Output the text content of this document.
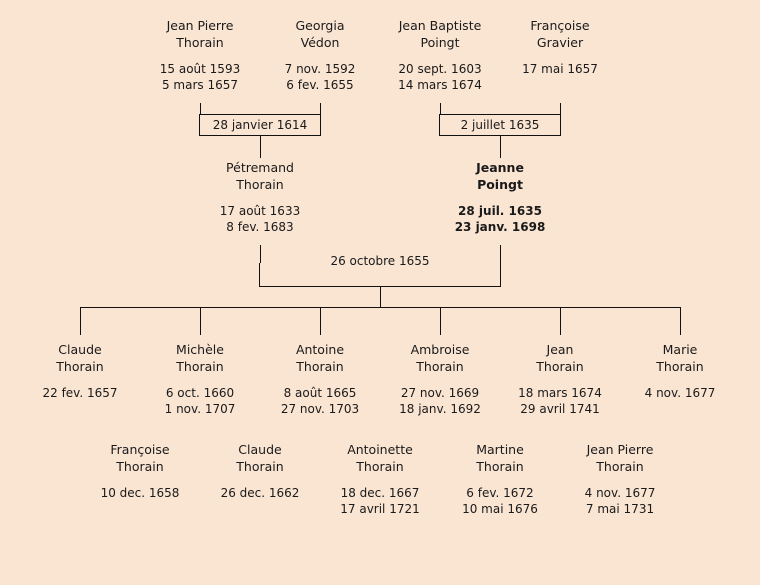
Jean Pierre
Thorain
15 août 1593
5 mars 1657
Georgia
Védon
7 nov. 1592
6 fev. 1655
Jean Baptiste
Poingt
20 sept. 1603
14 mars 1674
Françoise
Gravier
17 mai 1657
28 janvier 1614	2 juillet 1635
Pétremand
Thorain
17 août 1633
8 fev. 1683
Jeanne
Poingt
28 juil. 1635
23 janv. 1698
26 octobre 1655
Claude
Thorain
22 fev. 1657
Michèle
Thorain
6 oct. 1660
1 nov. 1707
Antoine
Thorain
8 août 1665
27 nov. 1703
Ambroise
Thorain
27 nov. 1669
18 janv. 1692
Jean
Thorain
18 mars 1674
29 avril 1741
Marie
Thorain
4 nov. 1677
Françoise
Thorain
10 dec. 1658
Claude
Thorain
26 dec. 1662
Antoinette
Thorain
18 dec. 1667
17 avril 1721
Martine
Thorain
6 fev. 1672
10 mai 1676
Jean Pierre
Thorain
4 nov. 1677
7 mai 1731
